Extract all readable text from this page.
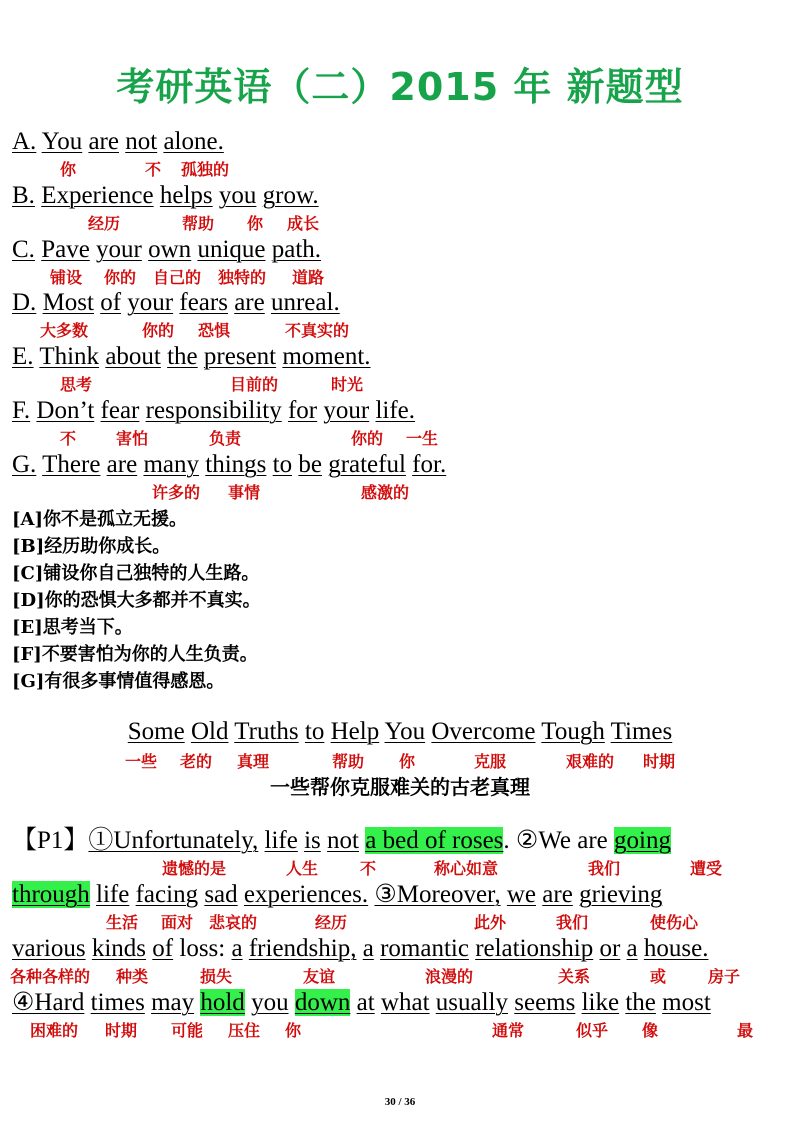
考研英语（二）2015 年 新题型
A. You are not alone.
你	不 孤独的
B. Experience helps you grow.
经历	帮助 你 成长
C. Pave your own unique path.
铺设 你的 自己的 独特的 道路
D. Most of your fears are unreal.
大多数	你的 恐惧	不真实的
E. Think about the present moment.
思考	目前的	时光
F. Don’t fear responsibility for your life.
不 害怕	负责	你的 一生
G. There are many things to be grateful for.
许多的 事情	感激的
[A]你不是孤立无援。
[B]经历助你成长。
[C]铺设你自己独特的人生路。
[D]你的恐惧大多都并不真实。
[E]思考当下。
[F]不要害怕为你的人生负责。
[G]有很多事情值得感恩。
Some Old Truths to Help You Overcome Tough Times
一些 老的 真理	帮助 你	克服	艰难的 时期
一些帮你克服难关的古老真理
【P1】①Unfortunately, life is not a bed of roses. ②We are going
遗憾的是	人生	不	称心如意	我们	遭受
through life facing sad experiences. ③Moreover, we are grieving
生活 面对 悲哀的	经历	此外	我们	使伤心
various kinds of loss: a friendship, a romantic relationship or a house.
各种各样的 种类	损失	友谊	浪漫的	关系	或	房子
④Hard times may hold you down at what usually seems like the most
困难的 时期 可能 压住 你	通常	似乎 像	最
30 / 36
